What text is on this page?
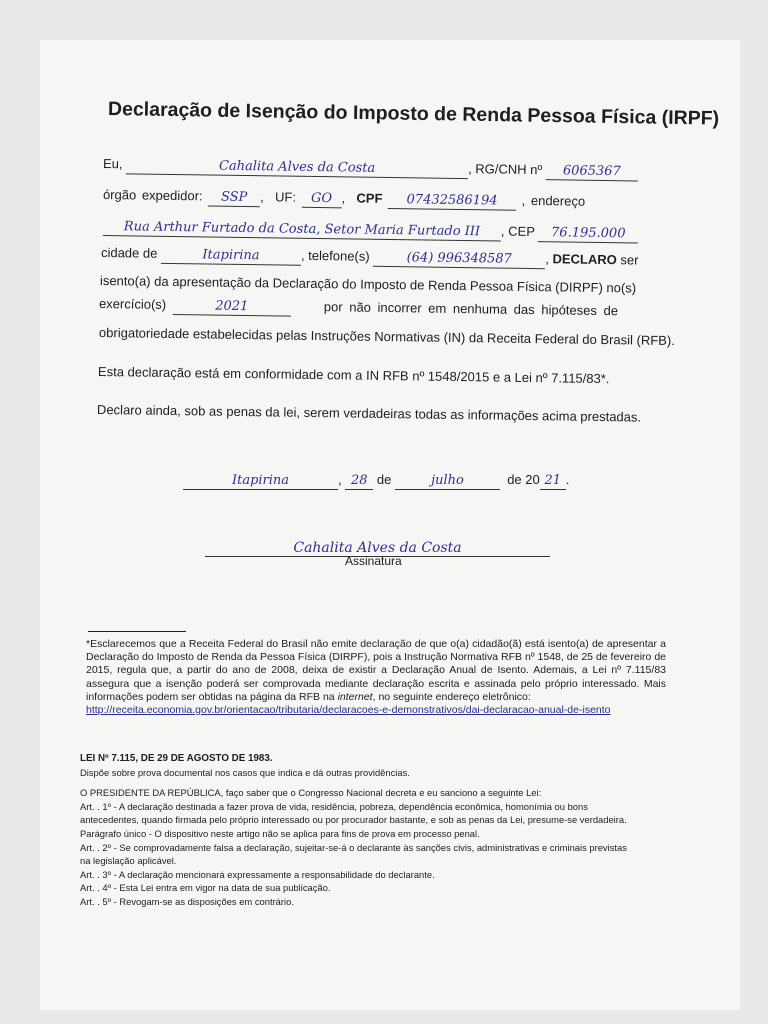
Declaração de Isenção do Imposto de Renda Pessoa Física (IRPF)
Eu,	Cahalita Alves da Costa	, RG/CNH nº 6065367
órgão expedidor: SSP ,  UF: GO ,  CPF 07432586194 , endereço
Rua Arthur Furtado da Costa, Setor Maria Furtado III , CEP 76.195.000
cidade de	Itapirina	, telefone(s)	(64) 996348587	, DECLARO ser
isento(a) da apresentação da Declaração do Imposto de Renda Pessoa Física (DIRPF) no(s)
exercício(s)	2021	por não incorrer em nenhuma das hipóteses de
obrigatoriedade estabelecidas pelas Instruções Normativas (IN) da Receita Federal do Brasil (RFB).
Esta declaração está em conformidade com a IN RFB nº 1548/2015 e a Lei nº 7.115/83*.
Declaro ainda, sob as penas da lei, serem verdadeiras todas as informações acima prestadas.
Itapirina	, 28 de	julho	de 20 21 .
Cahalita Alves da Costa
Assinatura
*Esclarecemos que a Receita Federal do Brasil não emite declaração de que o(a) cidadão(ã) está isento(a) de apresentar a Declaração do Imposto de Renda da Pessoa Física (DIRPF), pois a Instrução Normativa RFB nº 1548, de 25 de fevereiro de 2015, regula que, a partir do ano de 2008, deixa de existir a Declaração Anual de Isento. Ademais, a Lei nº 7.115/83 assegura que a isenção poderá ser comprovada mediante declaração escrita e assinada pelo próprio interessado. Mais informações podem ser obtidas na página da RFB na internet, no seguinte endereço eletrônico:
http://receita.economia.gov.br/orientacao/tributaria/declaracoes-e-demonstrativos/dai-declaracao-anual-de-isento
LEI Nº 7.115, DE 29 DE AGOSTO DE 1983.
Dispõe sobre prova documental nos casos que indica e dá outras providências.
O PRESIDENTE DA REPÚBLICA, faço saber que o Congresso Nacional decreta e eu sanciono a seguinte Lei:
Art. . 1º - A declaração destinada a fazer prova de vida, residência, pobreza, dependência econômica, homonímia ou bons
antecedentes, quando firmada pelo próprio interessado ou por procurador bastante, e sob as penas da Lei, presume-se verdadeira.
Parágrafo único - O dispositivo neste artigo não se aplica para fins de prova em processo penal.
Art. . 2º - Se comprovadamente falsa a declaração, sujeitar-se-á o declarante às sanções civis, administrativas e criminais previstas
na legislação aplicável.
Art. . 3º - A declaração mencionará expressamente a responsabilidade do declarante.
Art. . 4º - Esta Lei entra em vigor na data de sua publicação.
Art. . 5º - Revogam-se as disposições em contrário.
